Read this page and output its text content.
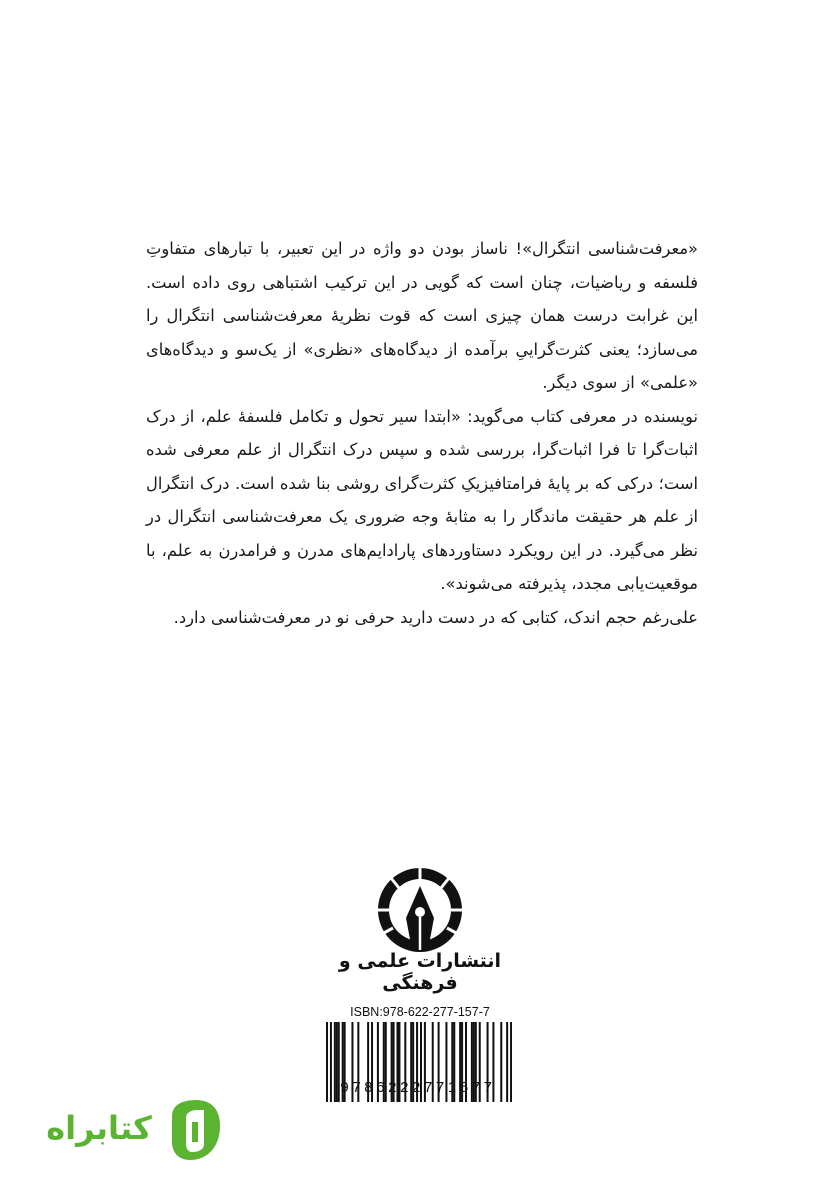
«معرفت‌شناسی انتگرال»! ناساز بودن دو واژه در این تعبیر، با تبارهای متفاوتِ فلسفه و ریاضیات، چنان است که گویی در این ترکیب اشتباهی روی داده است. این غرابت درست همان چیزی است که قوت نظریهٔ معرفت‌شناسی انتگرال را می‌سازد؛ یعنی کثرت‌گراییِ برآمده از دیدگاه‌های «نظری» از یک‌سو و دیدگاه‌های «علمی» از سوی دیگر.

نویسنده در معرفی کتاب می‌گوید: «ابتدا سیر تحول و تکامل فلسفهٔ علم، از درک اثبات‌گرا تا فرا اثبات‌گرا، بررسی شده و سپس درک انتگرال از علم معرفی شده است؛ درکی که بر پایهٔ فرامتافیزیکِ کثرت‌گرای روشی بنا شده است. درک انتگرال از علم هر حقیقت ماندگار را به مثابهٔ وجه ضروری یک معرفت‌شناسی انتگرال در نظر می‌گیرد. در این رویکرد دستاوردهای پارادایم‌های مدرن و فرامدرن به علم، با موقعیت‌یابی مجدد، پذیرفته می‌شوند».

علی‌رغم حجم اندک، کتابی که در دست دارید حرفی نو در معرفت‌شناسی دارد.

انتشارات علمی و فرهنگی
ISBN:978-622-277-157-7
9786222771577
کتابراه
